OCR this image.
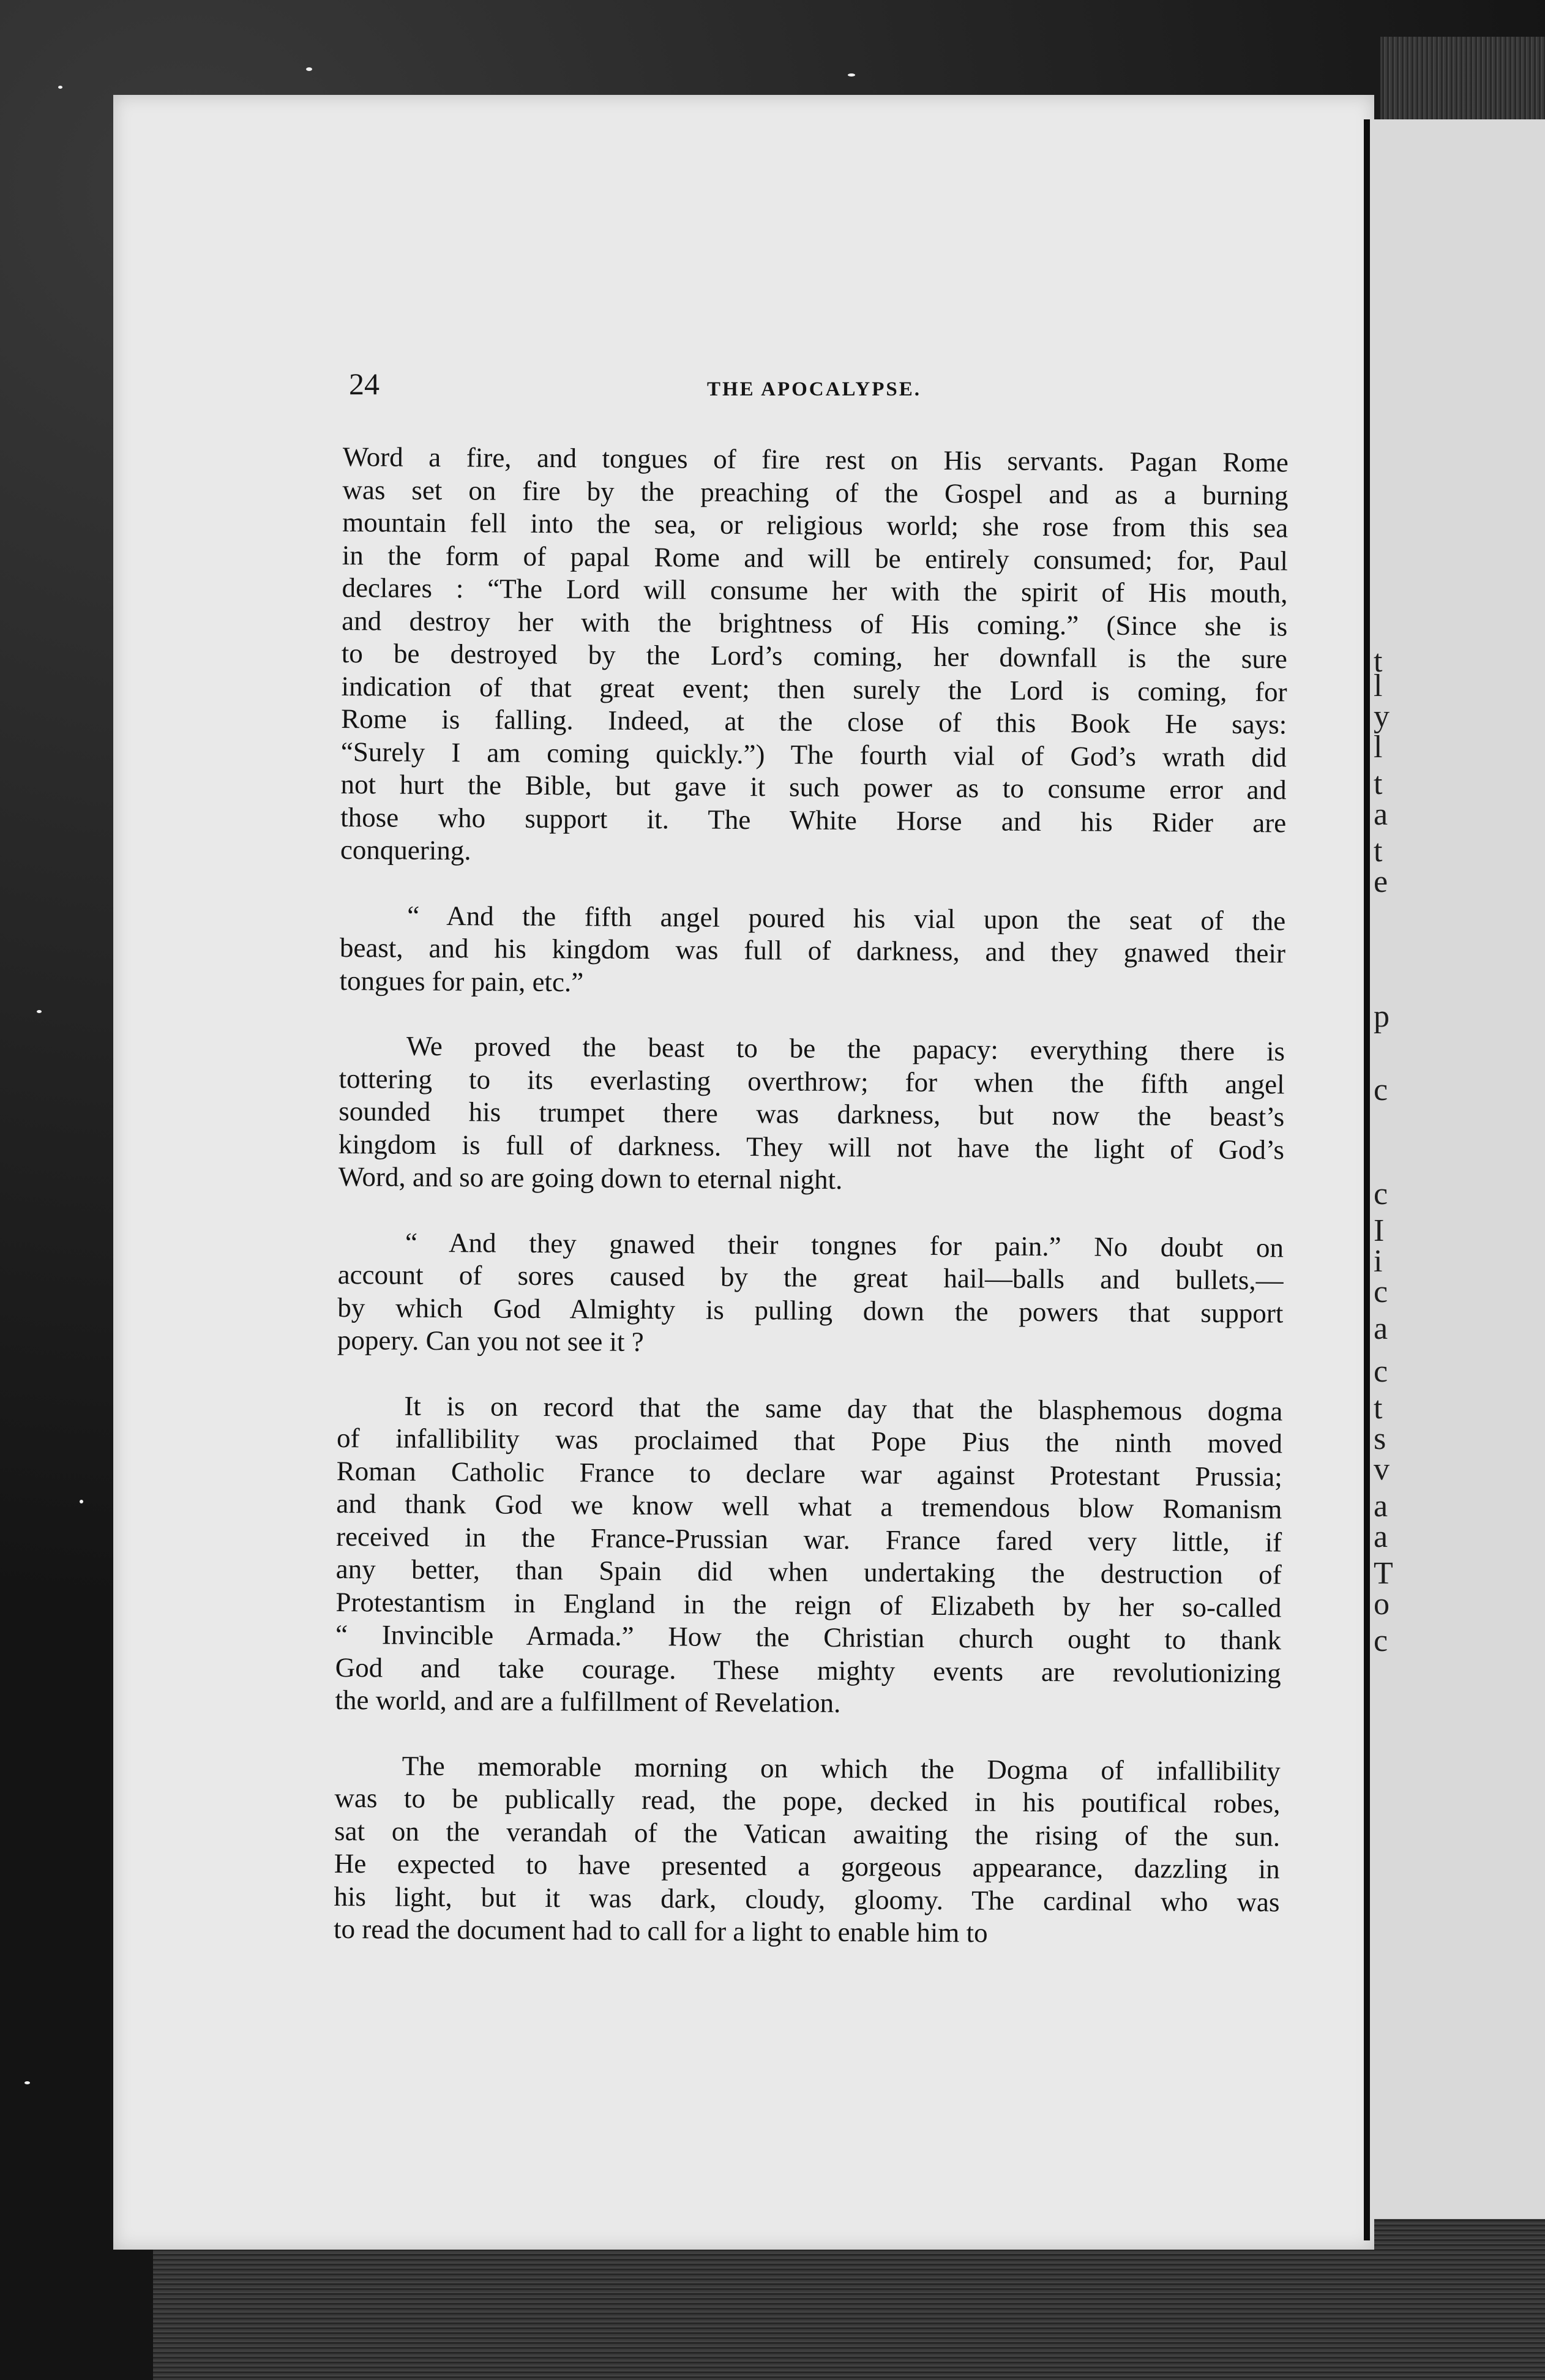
t
l
y
l
t
a
t
e
p
c
c
I
i
c
a
c
t
s
v
a
a
T
o
c
24	THE APOCALYPSE.
Word a fire, and tongues of fire rest on His servants. Pagan Rome
was set on fire by the preaching of the Gospel and as a burning
mountain fell into the sea, or religious world; she rose from this sea
in the form of papal Rome and will be entirely consumed; for, Paul
declares : “The Lord will consume her with the spirit of His mouth,
and destroy her with the brightness of His coming.” (Since she is
to be destroyed by the Lord’s coming, her downfall is the sure
indication of that great event; then surely the Lord is coming, for
Rome is falling. Indeed, at the close of this Book He says:
“Surely I am coming quickly.”) The fourth vial of God’s wrath did
not hurt the Bible, but gave it such power as to consume error and
those who support it. The White Horse and his Rider are
conquering.
“ And the fifth angel poured his vial upon the seat of the
beast, and his kingdom was full of darkness, and they gnawed their
tongues for pain, etc.”
We proved the beast to be the papacy: everything there is
tottering to its everlasting overthrow; for when the fifth angel
sounded his trumpet there was darkness, but now the beast’s
kingdom is full of darkness. They will not have the light of God’s
Word, and so are going down to eternal night.
“ And they gnawed their tongnes for pain.” No doubt on
account of sores caused by the great hail—balls and bullets,—
by which God Almighty is pulling down the powers that support
popery. Can you not see it ?
It is on record that the same day that the blasphemous dogma
of infallibility was proclaimed that Pope Pius the ninth moved
Roman Catholic France to declare war against Protestant Prussia;
and thank God we know well what a tremendous blow Romanism
received in the France-Prussian war. France fared very little, if
any better, than Spain did when undertaking the destruction of
Protestantism in England in the reign of Elizabeth by her so-called
“ Invincible Armada.” How the Christian church ought to thank
God and take courage. These mighty events are revolutionizing
the world, and are a fulfillment of Revelation.
The memorable morning on which the Dogma of infallibility
was to be publically read, the pope, decked in his poutifical robes,
sat on the verandah of the Vatican awaiting the rising of the sun.
He expected to have presented a gorgeous appearance, dazzling in
his light, but it was dark, cloudy, gloomy. The cardinal who was
to read the document had to call for a light to enable him to
